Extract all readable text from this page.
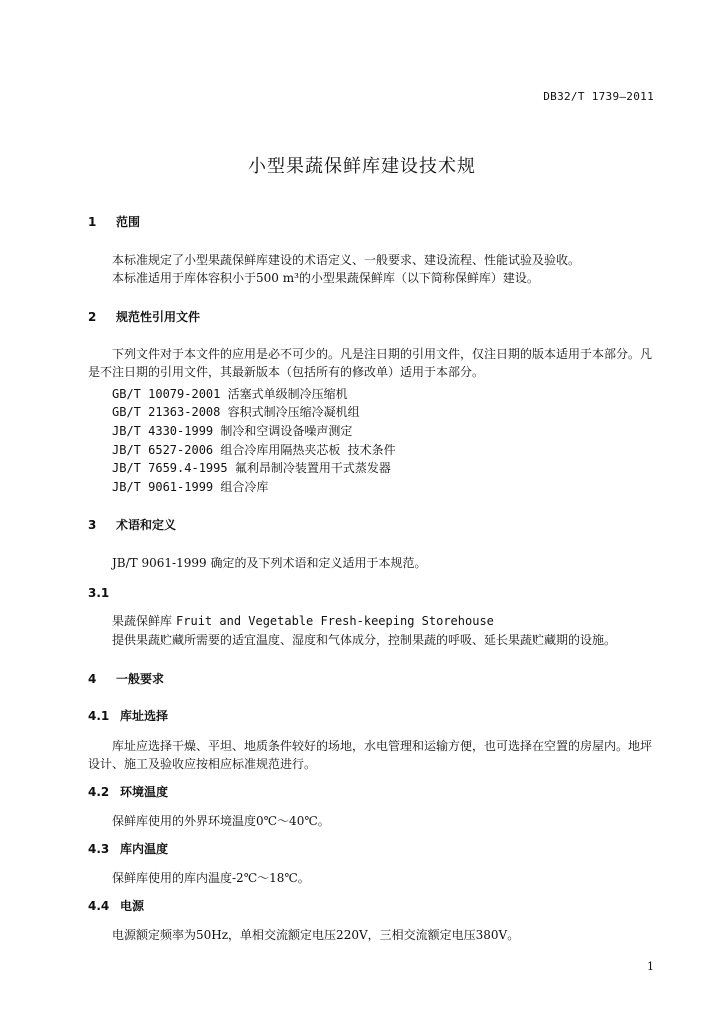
DB32/T 1739—2011
小型果蔬保鲜库建设技术规
1 范围
本标准规定了小型果蔬保鲜库建设的术语定义、一般要求、建设流程、性能试验及验收。
本标准适用于库体容积小于500 m³的小型果蔬保鲜库（以下简称保鲜库）建设。
2 规范性引用文件
下列文件对于本文件的应用是必不可少的。凡是注日期的引用文件，仅注日期的版本适用于本部分。凡是不注日期的引用文件，其最新版本（包括所有的修改单）适用于本部分。
GB/T 10079-2001 活塞式单级制冷压缩机
GB/T 21363-2008 容积式制冷压缩冷凝机组
JB/T 4330-1999 制冷和空调设备噪声测定
JB/T 6527-2006 组合冷库用隔热夹芯板 技术条件
JB/T 7659.4-1995 氟利昂制冷装置用干式蒸发器
JB/T 9061-1999 组合冷库
3 术语和定义
JB/T 9061-1999 确定的及下列术语和定义适用于本规范。
3.1
果蔬保鲜库 Fruit and Vegetable Fresh-keeping Storehouse
提供果蔬贮藏所需要的适宜温度、湿度和气体成分，控制果蔬的呼吸、延长果蔬贮藏期的设施。
4 一般要求
4.1 库址选择
库址应选择干燥、平坦、地质条件较好的场地，水电管理和运输方便，也可选择在空置的房屋内。地坪设计、施工及验收应按相应标准规范进行。
4.2 环境温度
保鲜库使用的外界环境温度0℃～40℃。
4.3 库内温度
保鲜库使用的库内温度-2℃～18℃。
4.4 电源
电源额定频率为50Hz，单相交流额定电压220V，三相交流额定电压380V。
1
